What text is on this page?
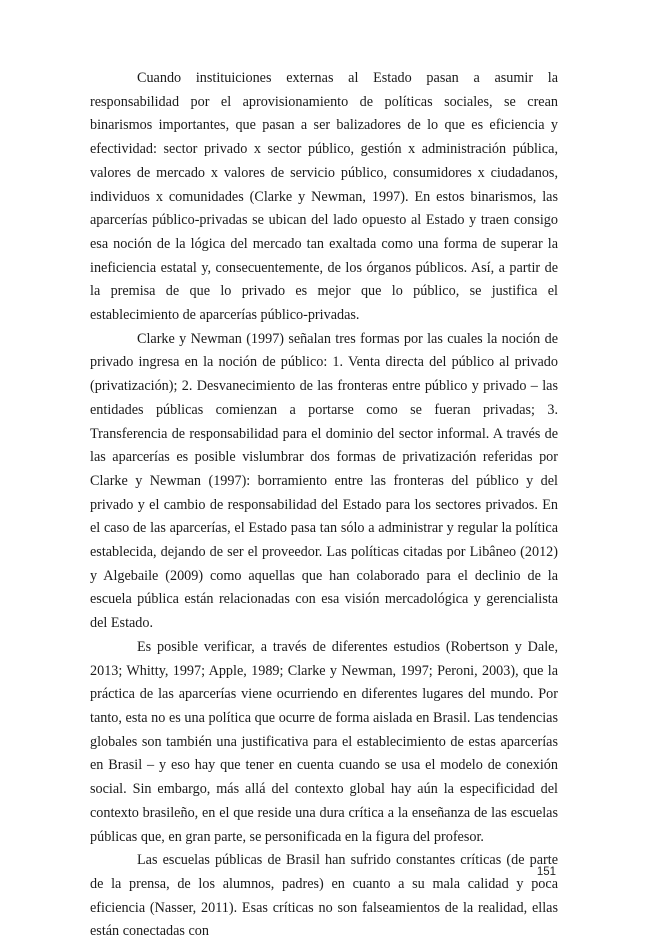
Cuando instituiciones externas al Estado pasan a asumir la responsabilidad por el aprovisionamiento de políticas sociales, se crean binarismos importantes, que pasan a ser balizadores de lo que es eficiencia y efectividad: sector privado x sector público, gestión x administración pública, valores de mercado x valores de servicio público, consumidores x ciudadanos, individuos x comunidades (Clarke y Newman, 1997). En estos binarismos, las aparcerías público-privadas se ubican del lado opuesto al Estado y traen consigo esa noción de la lógica del mercado tan exaltada como una forma de superar la ineficiencia estatal y, consecuentemente, de los órganos públicos. Así, a partir de la premisa de que lo privado es mejor que lo público, se justifica el establecimiento de aparcerías público-privadas.

Clarke y Newman (1997) señalan tres formas por las cuales la noción de privado ingresa en la noción de público: 1. Venta directa del público al privado (privatización); 2. Desvanecimiento de las fronteras entre público y privado – las entidades públicas comienzan a portarse como se fueran privadas; 3. Transferencia de responsabilidad para el dominio del sector informal. A través de las aparcerías es posible vislumbrar dos formas de privatización referidas por Clarke y Newman (1997): borramiento entre las fronteras del público y del privado y el cambio de responsabilidad del Estado para los sectores privados. En el caso de las aparcerías, el Estado pasa tan sólo a administrar y regular la política establecida, dejando de ser el proveedor. Las políticas citadas por Libâneo (2012) y Algebaile (2009) como aquellas que han colaborado para el declinio de la escuela pública están relacionadas con esa visión mercadológica y gerencialista del Estado.

Es posible verificar, a través de diferentes estudios (Robertson y Dale, 2013; Whitty, 1997; Apple, 1989; Clarke y Newman, 1997; Peroni, 2003), que la práctica de las aparcerías viene ocurriendo en diferentes lugares del mundo. Por tanto, esta no es una política que ocurre de forma aislada en Brasil. Las tendencias globales son también una justificativa para el establecimiento de estas aparcerías en Brasil – y eso hay que tener en cuenta cuando se usa el modelo de conexión social. Sin embargo, más allá del contexto global hay aún la especificidad del contexto brasileño, en el que reside una dura crítica a la enseñanza de las escuelas públicas que, en gran parte, se personificada en la figura del profesor.

Las escuelas públicas de Brasil han sufrido constantes críticas (de parte de la prensa, de los alumnos, padres) en cuanto a su mala calidad y poca eficiencia (Nasser, 2011). Esas críticas no son falseamientos de la realidad, ellas están conectadas con

151
